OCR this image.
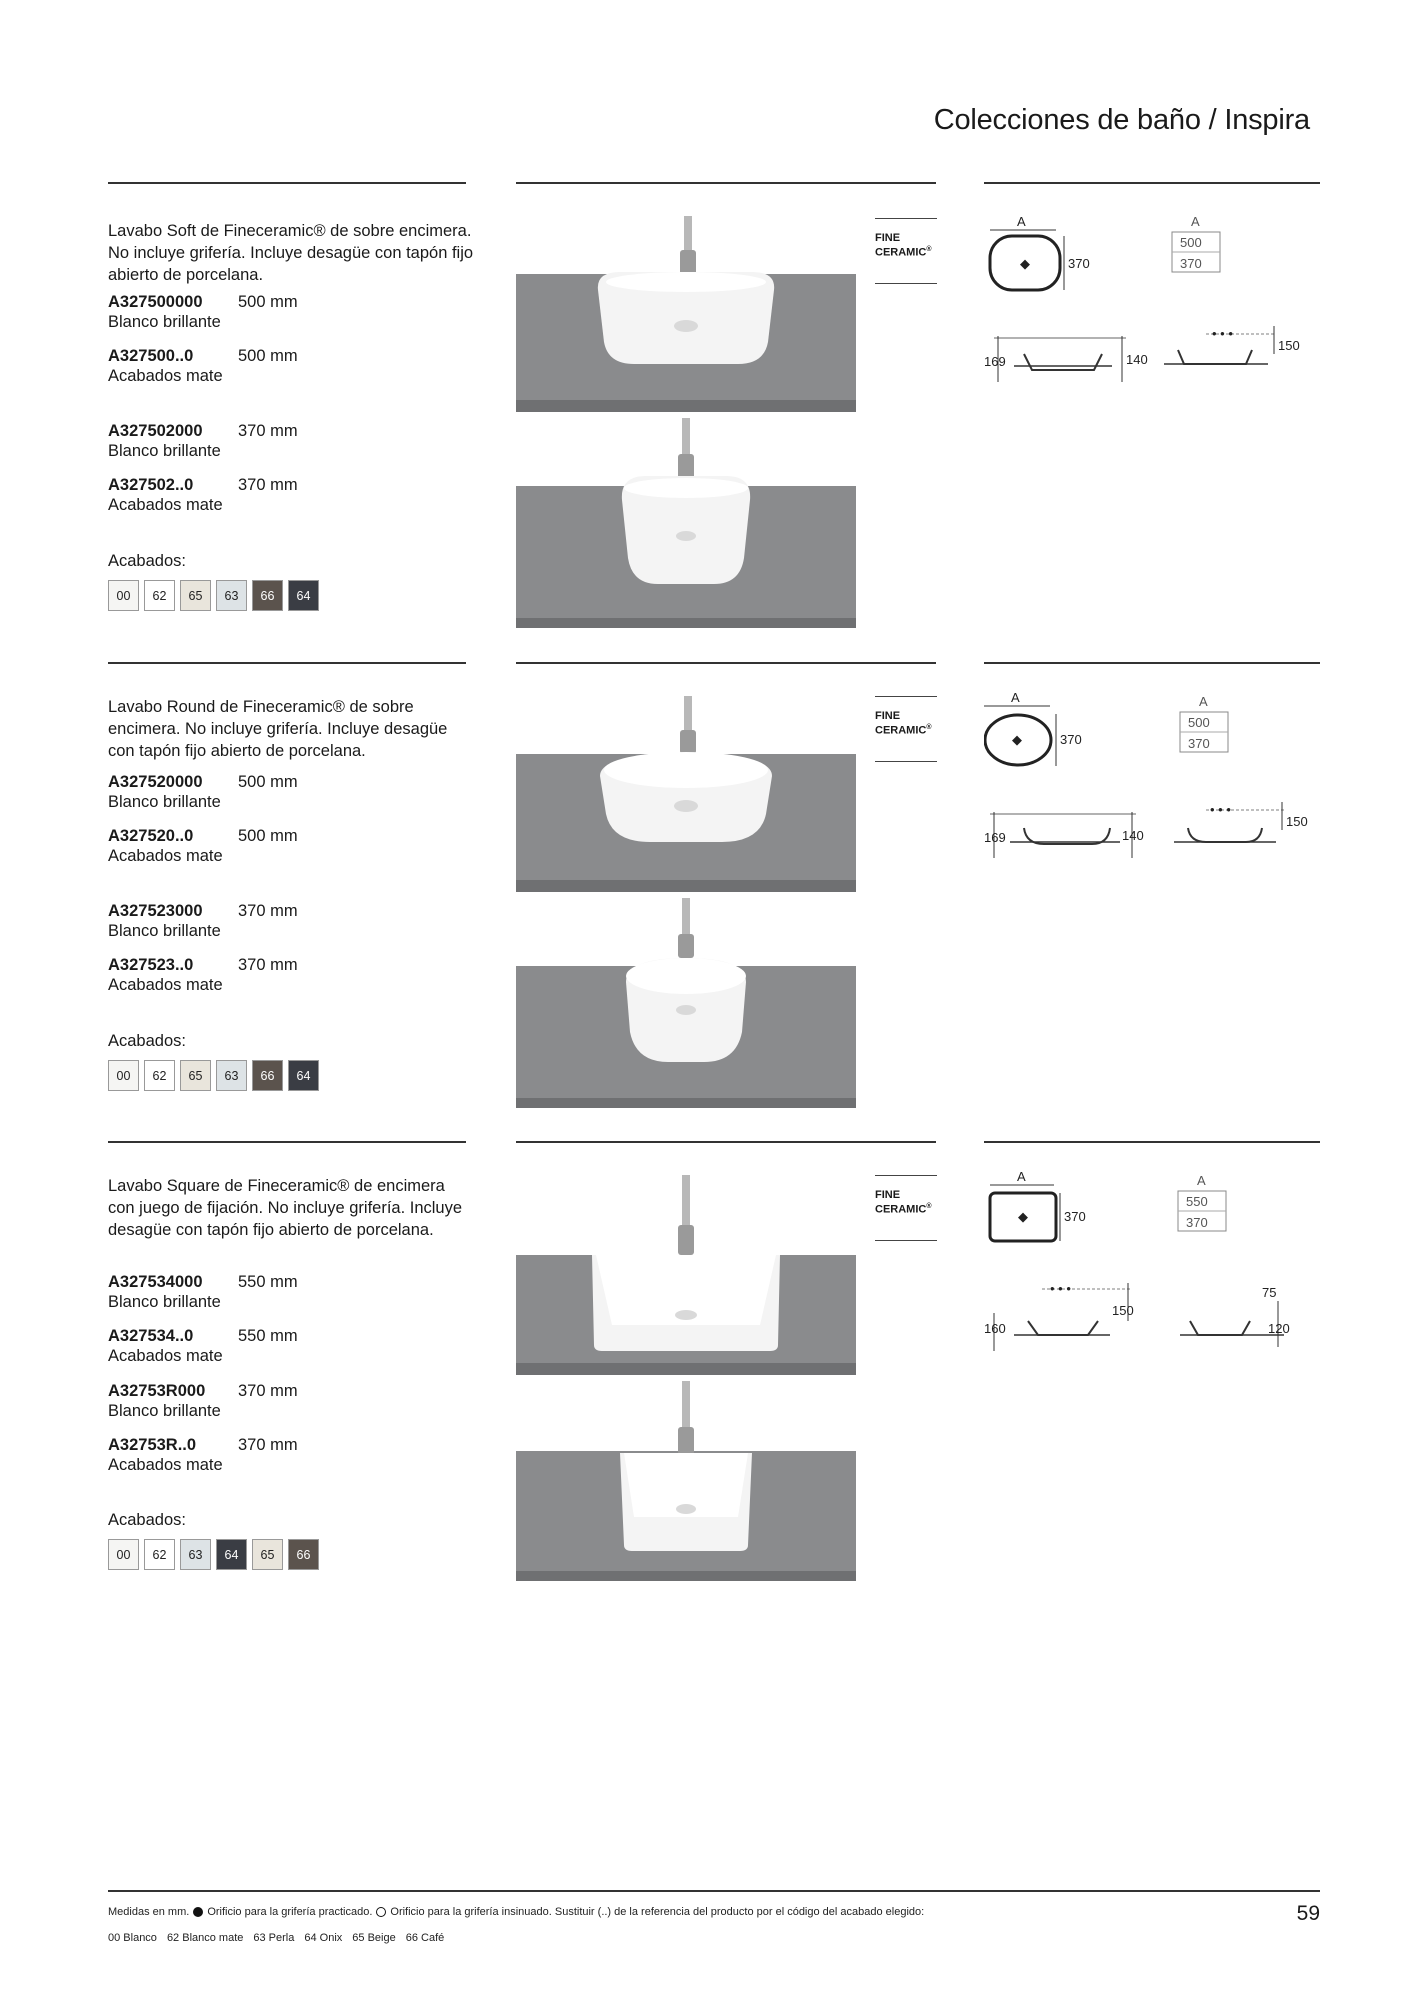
Colecciones de baño / Inspira
Lavabo Soft de Fineceramic® de sobre encimera. No incluye grifería. Incluye desagüe con tapón fijo abierto de porcelana.
A327500000 500 mm
Blanco brillante
A327500..0	500 mm
Acabados mate
A327502000 370 mm
Blanco brillante
A327502..0	370 mm
Acabados mate
Acabados:
00 62 65 63 66 64
FINE
CERAMIC®
A
◆	370
A
500
370
169	140
• • •
150
Lavabo Round de Fineceramic® de sobre encimera. No incluye grifería. Incluye desagüe con tapón fijo abierto de porcelana.
A327520000 500 mm
Blanco brillante
A327520..0	500 mm
Acabados mate
A327523000 370 mm
Blanco brillante
A327523..0	370 mm
Acabados mate
Acabados:
00 62 65 63 66 64
FINE
CERAMIC®
A
◆	370
A
500
370
169	140
• • •
150
Lavabo Square de Fineceramic® de encimera con juego de fijación. No incluye grifería. Incluye desagüe con tapón fijo abierto de porcelana.
A327534000 550 mm
Blanco brillante
A327534..0	550 mm
Acabados mate
A32753R000 370 mm
Blanco brillante
A32753R..0	370 mm
Acabados mate
Acabados:
00 62 63 64 65 66
FINE
CERAMIC®
A
◆	370
A
550
370
• • •
160
150
75
120
Medidas en mm. Orificio para la grifería practicado. Orificio para la grifería insinuado. Sustituir (..) de la referencia del producto por el código del acabado elegido:
00 Blanco 62 Blanco mate 63 Perla 64 Onix 65 Beige 66 Café
59
